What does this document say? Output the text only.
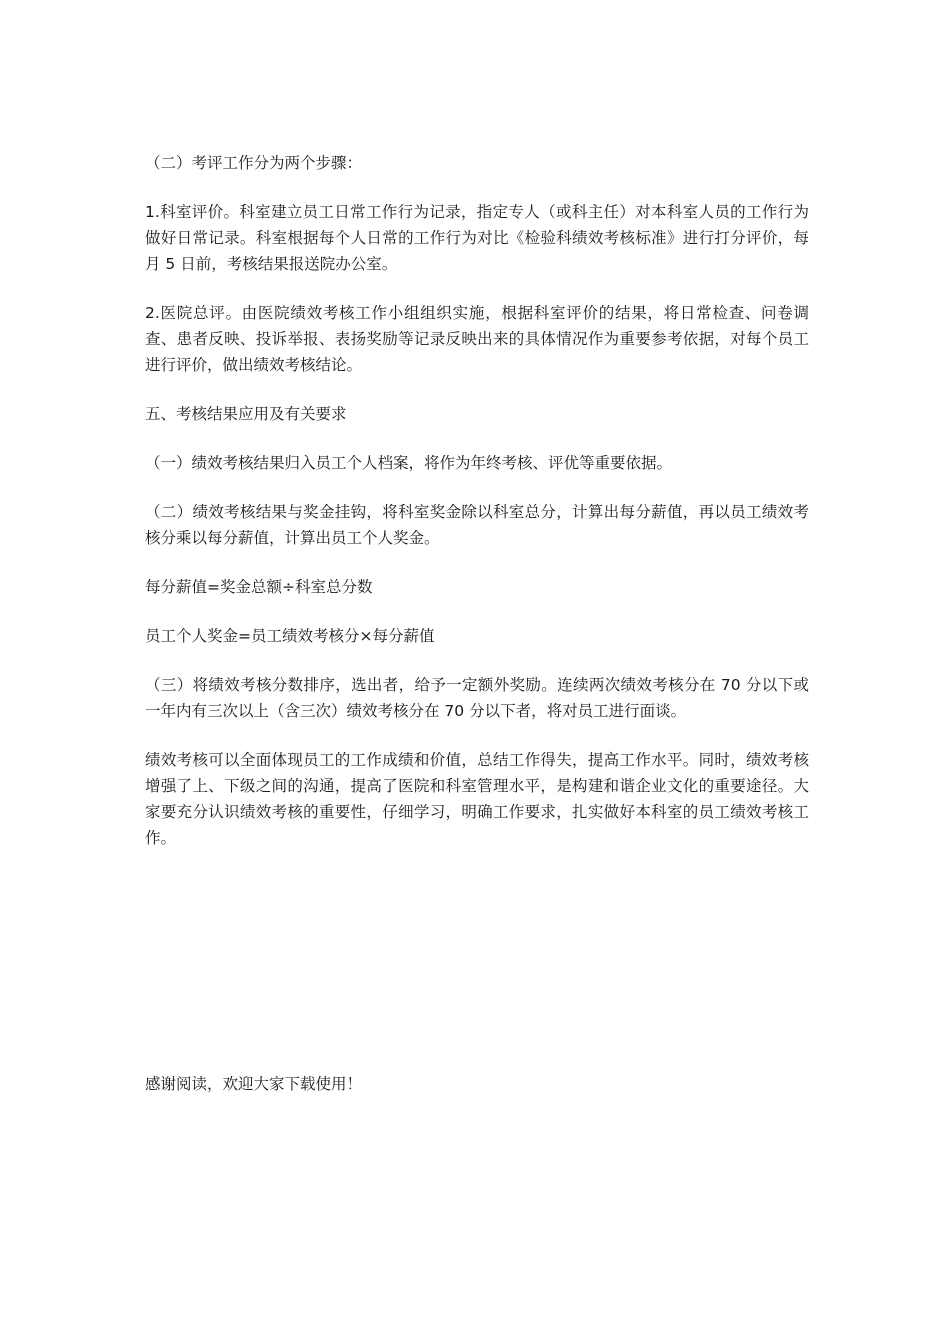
（二）考评工作分为两个步骤：

1.科室评价。科室建立员工日常工作行为记录，指定专人（或科主任）对本科室人员的工作行为做好日常记录。科室根据每个人日常的工作行为对比《检验科绩效考核标准》进行打分评价，每月 5 日前，考核结果报送院办公室。

2.医院总评。由医院绩效考核工作小组组织实施，根据科室评价的结果，将日常检查、问卷调查、患者反映、投诉举报、表扬奖励等记录反映出来的具体情况作为重要参考依据，对每个员工进行评价，做出绩效考核结论。

五、考核结果应用及有关要求

（一）绩效考核结果归入员工个人档案，将作为年终考核、评优等重要依据。

（二）绩效考核结果与奖金挂钩，将科室奖金除以科室总分，计算出每分薪值，再以员工绩效考核分乘以每分薪值，计算出员工个人奖金。

每分薪值=奖金总额÷科室总分数

员工个人奖金=员工绩效考核分×每分薪值

（三）将绩效考核分数排序，选出者，给予一定额外奖励。连续两次绩效考核分在 70 分以下或一年内有三次以上（含三次）绩效考核分在 70 分以下者，将对员工进行面谈。

绩效考核可以全面体现员工的工作成绩和价值，总结工作得失，提高工作水平。同时，绩效考核增强了上、下级之间的沟通，提高了医院和科室管理水平，是构建和谐企业文化的重要途径。大家要充分认识绩效考核的重要性，仔细学习，明确工作要求，扎实做好本科室的员工绩效考核工作。

感谢阅读，欢迎大家下载使用！
